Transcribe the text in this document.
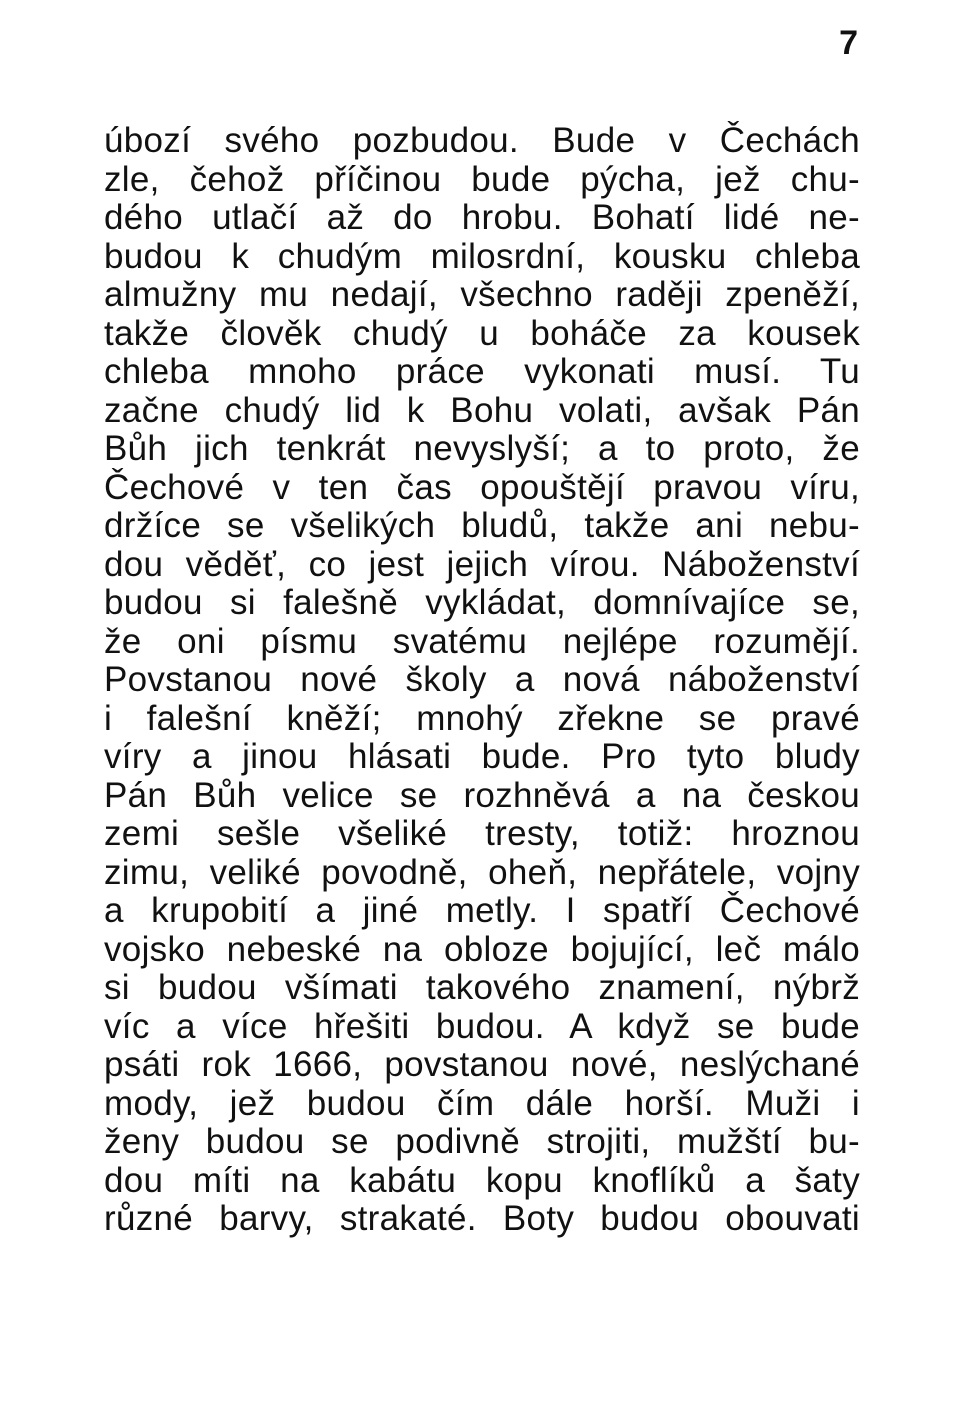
7
úbozí svého pozbudou. Bude v Čechách
zle, čehož příčinou bude pýcha, jež chu-
dého utlačí až do hrobu. Bohatí lidé ne-
budou k chudým milosrdní, kousku chleba
almužny mu nedají, všechno raději zpeněží,
takže člověk chudý u boháče za kousek
chleba mnoho práce vykonati musí. Tu
začne chudý lid k Bohu volati, avšak Pán
Bůh jich tenkrát nevyslyší; a to proto, že
Čechové v ten čas opouštějí pravou víru,
držíce se všelikých bludů, takže ani nebu-
dou věděť, co jest jejich vírou. Náboženství
budou si falešně vykládat, domnívajíce se,
že oni písmu svatému nejlépe rozumějí.
Povstanou nové školy a nová náboženství
i falešní kněží; mnohý zřekne se pravé
víry a jinou hlásati bude. Pro tyto bludy
Pán Bůh velice se rozhněvá a na českou
zemi sešle všeliké tresty, totiž: hroznou
zimu, veliké povodně, oheň, nepřátele, vojny
a krupobití a jiné metly. I spatří Čechové
vojsko nebeské na obloze bojující, leč málo
si budou všímati takového znamení, nýbrž
víc a více hřešiti budou. A když se bude
psáti rok 1666, povstanou nové, neslýchané
mody, jež budou čím dále horší. Muži i
ženy budou se podivně strojiti, mužští bu-
dou míti na kabátu kopu knoflíků a šaty
různé barvy, strakaté. Boty budou obouvati
